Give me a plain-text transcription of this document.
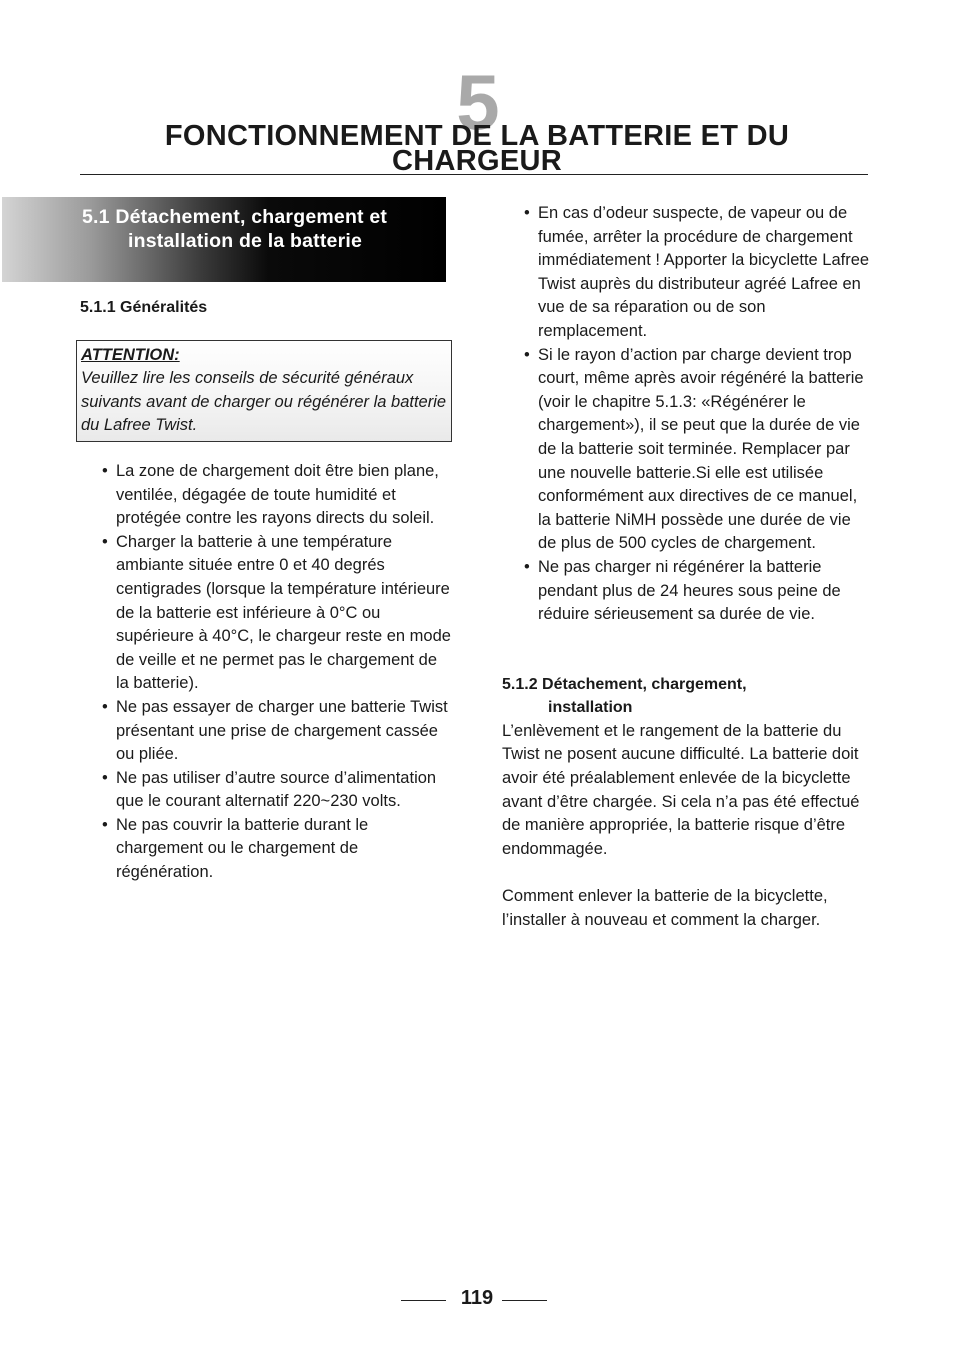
5
FONCTIONNEMENT DE LA BATTERIE ET DU
CHARGEUR
5.1 Détachement, chargement et installation de la batterie
5.1.1 Généralités
ATTENTION:
Veuillez lire les conseils de sécurité généraux suivants avant de charger ou régénérer la batterie du Lafree Twist.
• La zone de chargement doit être bien plane, ventilée, dégagée de toute humidité et protégée contre les rayons directs du soleil.
• Charger la batterie à une température ambiante située entre 0 et 40 degrés centigrades (lorsque la température intérieure de la batterie est inférieure à 0°C ou supérieure à 40°C, le chargeur reste en mode de veille et ne permet pas le chargement de la batterie).
• Ne pas essayer de charger une batterie Twist présentant une prise de chargement cassée ou pliée.
• Ne pas utiliser d’autre source d’alimentation que le courant alternatif 220~230 volts.
• Ne pas couvrir la batterie durant le chargement ou le chargement de régénération.
• En cas d’odeur suspecte, de vapeur ou de fumée, arrêter la procédure de chargement immédiatement ! Apporter la bicyclette Lafree Twist auprès du distributeur agréé Lafree en vue de sa réparation ou de son remplacement.
• Si le rayon d’action par charge devient trop court, même après avoir régénéré la batterie (voir le chapitre 5.1.3: «Régénérer le chargement»), il se peut que la durée de vie de la batterie soit terminée. Remplacer par une nouvelle batterie.Si elle est utilisée conformément aux directives de ce manuel, la batterie NiMH possède une durée de vie de plus de 500 cycles de chargement.
• Ne pas charger ni régénérer la batterie pendant plus de 24 heures sous peine de réduire sérieusement sa durée de vie.
5.1.2 Détachement, chargement,
installation

L’enlèvement et le rangement de la batterie du Twist ne posent aucune difficulté. La batterie doit avoir été préalablement enlevée de la bicyclette avant d’être chargée. Si cela n’a pas été effectué de manière appropriée, la batterie risque d’être endommagée.

Comment enlever la batterie de la bicyclette, l’installer à nouveau et comment la charger.

119
